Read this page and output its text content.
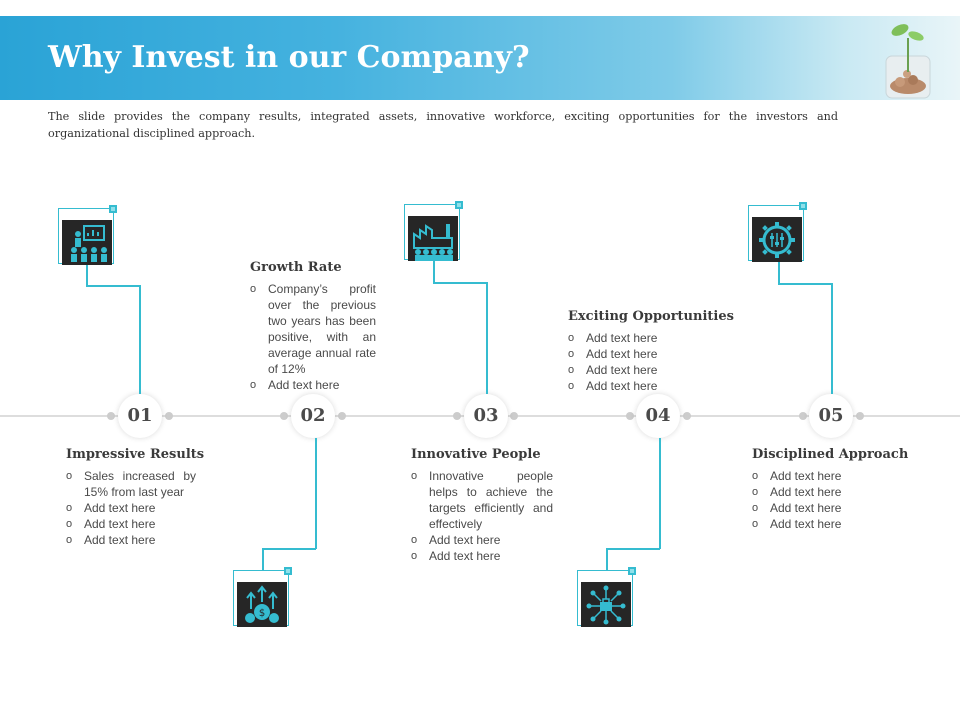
Why Invest in our Company?
The slide provides the company results, integrated assets, innovative workforce, exciting opportunities for the investors and organizational disciplined approach.
01	02	03	04	05
$
Impressive Results
o Sales increased by 15% from last year
o Add text here
o Add text here
o Add text here
Growth Rate
o Company’s profit over the previous two years has been positive, with an average annual rate of 12%
o Add text here
Innovative People
o Innovative people helps to achieve the targets efficiently and effectively
o Add text here
o Add text here
Exciting Opportunities
o Add text here
o Add text here
o Add text here
o Add text here
Disciplined Approach
o Add text here
o Add text here
o Add text here
o Add text here
